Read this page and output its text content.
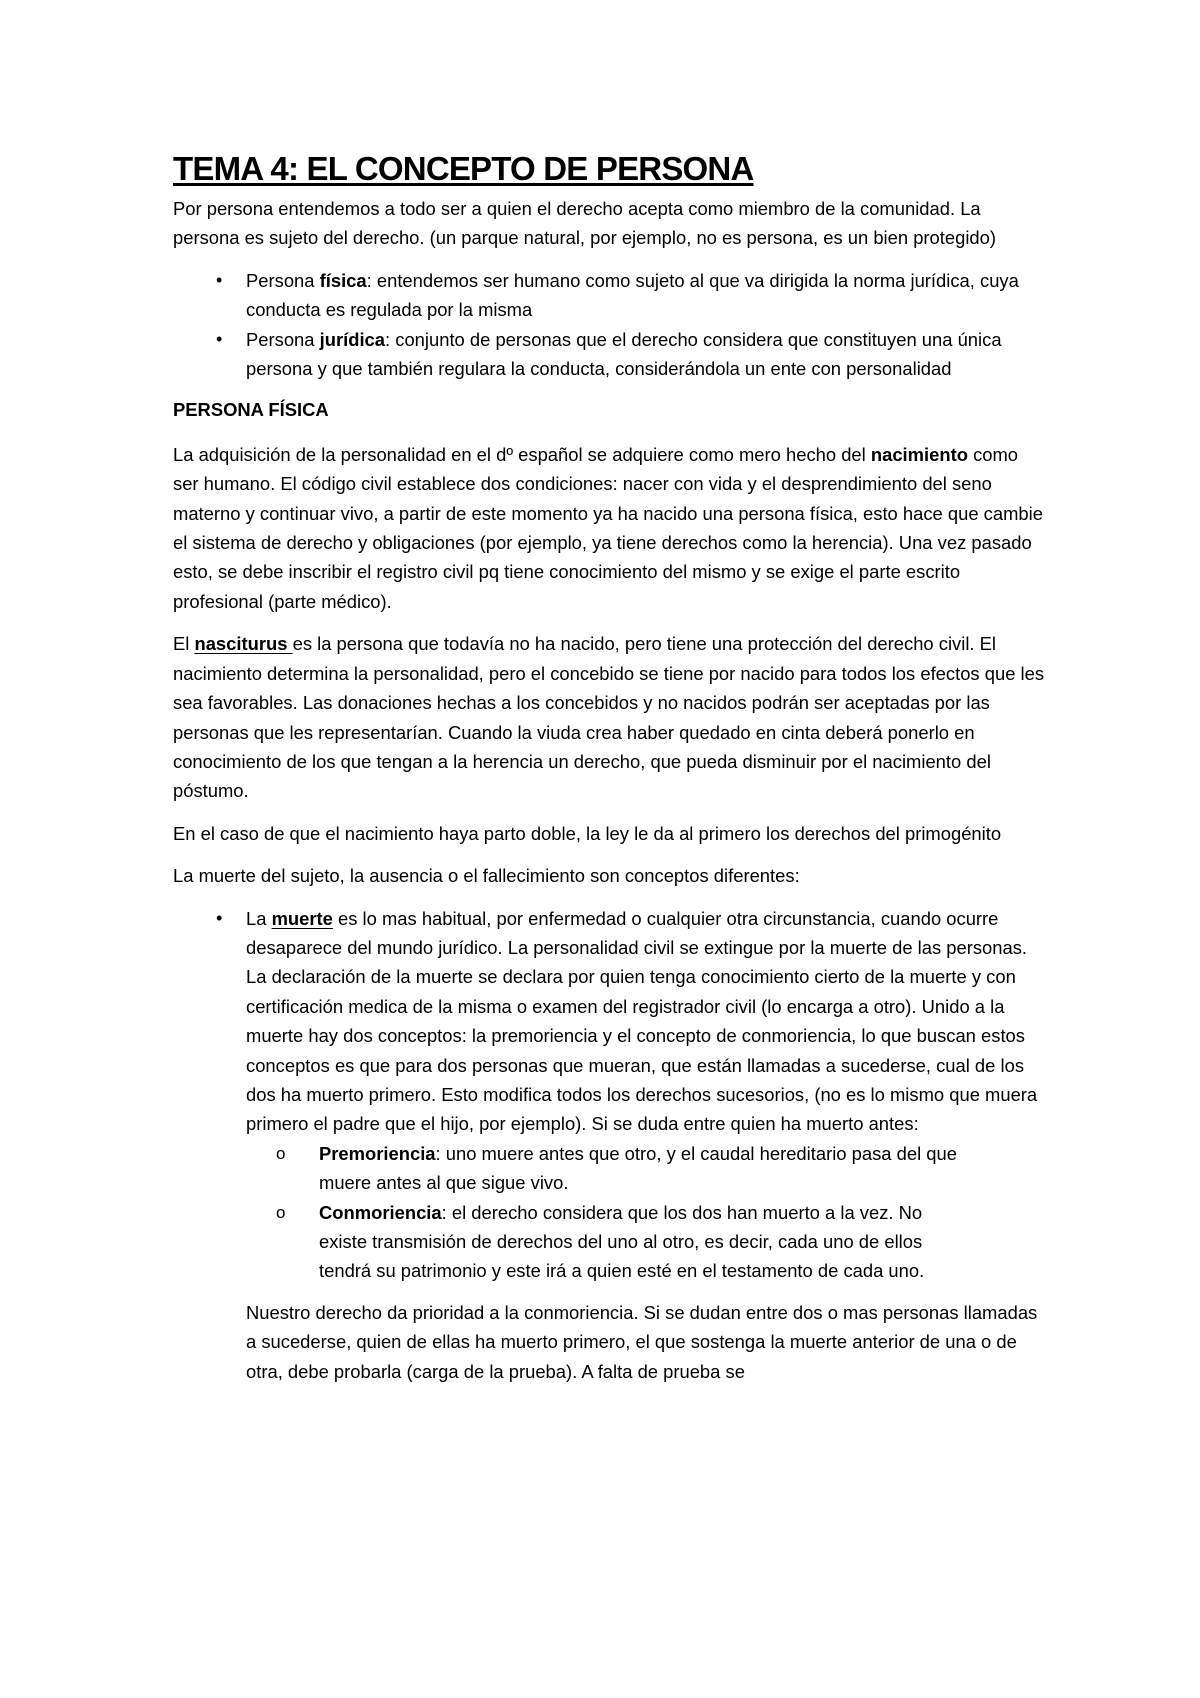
TEMA 4: EL CONCEPTO DE PERSONA

Por persona entendemos a todo ser a quien el derecho acepta como miembro de la comunidad. La persona es sujeto del derecho. (un parque natural, por ejemplo, no es persona, es un bien protegido)

• Persona física: entendemos ser humano como sujeto al que va dirigida la norma jurídica, cuya conducta es regulada por la misma
• Persona jurídica: conjunto de personas que el derecho considera que constituyen una única persona y que también regulara la conducta, considerándola un ente con personalidad

PERSONA FÍSICA

La adquisición de la personalidad en el dº español se adquiere como mero hecho del nacimiento como ser humano. El código civil establece dos condiciones: nacer con vida y el desprendimiento del seno materno y continuar vivo, a partir de este momento ya ha nacido una persona física, esto hace que cambie el sistema de derecho y obligaciones (por ejemplo, ya tiene derechos como la herencia). Una vez pasado esto, se debe inscribir el registro civil pq tiene conocimiento del mismo y se exige el parte escrito profesional (parte médico).

El nasciturus es la persona que todavía no ha nacido, pero tiene una protección del derecho civil. El nacimiento determina la personalidad, pero el concebido se tiene por nacido para todos los efectos que les sea favorables. Las donaciones hechas a los concebidos y no nacidos podrán ser aceptadas por las personas que les representarían. Cuando la viuda crea haber quedado en cinta deberá ponerlo en conocimiento de los que tengan a la herencia un derecho, que pueda disminuir por el nacimiento del póstumo.

En el caso de que el nacimiento haya parto doble, la ley le da al primero los derechos del primogénito

La muerte del sujeto, la ausencia o el fallecimiento son conceptos diferentes:

• La muerte es lo mas habitual, por enfermedad o cualquier otra circunstancia, cuando ocurre desaparece del mundo jurídico. La personalidad civil se extingue por la muerte de las personas. La declaración de la muerte se declara por quien tenga conocimiento cierto de la muerte y con certificación medica de la misma o examen del registrador civil (lo encarga a otro). Unido a la muerte hay dos conceptos: la premoriencia y el concepto de conmoriencia, lo que buscan estos conceptos es que para dos personas que mueran, que están llamadas a sucederse, cual de los dos ha muerto primero. Esto modifica todos los derechos sucesorios, (no es lo mismo que muera primero el padre que el hijo, por ejemplo). Si se duda entre quien ha muerto antes:
o Premoriencia: uno muere antes que otro, y el caudal hereditario pasa del que muere antes al que sigue vivo.
o Conmoriencia: el derecho considera que los dos han muerto a la vez. No existe transmisión de derechos del uno al otro, es decir, cada uno de ellos tendrá su patrimonio y este irá a quien esté en el testamento de cada uno.

Nuestro derecho da prioridad a la conmoriencia. Si se dudan entre dos o mas personas llamadas a sucederse, quien de ellas ha muerto primero, el que sostenga la muerte anterior de una o de otra, debe probarla (carga de la prueba). A falta de prueba se
